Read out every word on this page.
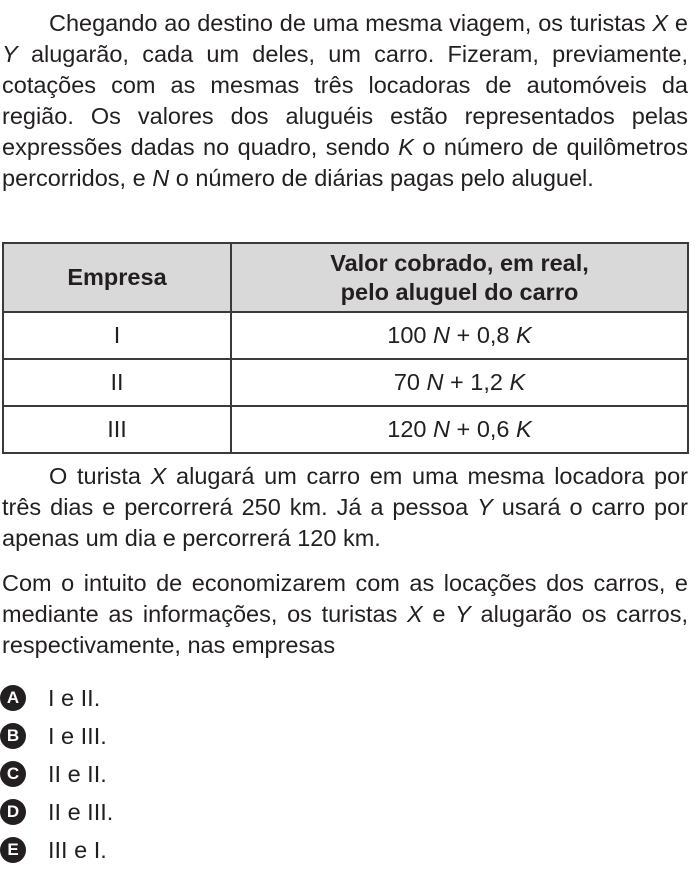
Chegando ao destino de uma mesma viagem, os turistas X e Y alugarão, cada um deles, um carro. Fizeram, previamente, cotações com as mesmas três locadoras de automóveis da região. Os valores dos aluguéis estão representados pelas expressões dadas no quadro, sendo K o número de quilômetros percorridos, e N o número de diárias pagas pelo aluguel.

Empresa	Valor cobrado, em real,
pelo aluguel do carro
I	100 N + 0,8 K
II	70 N + 1,2 K
III	120 N + 0,6 K

O turista X alugará um carro em uma mesma locadora por três dias e percorrerá 250 km. Já a pessoa Y usará o carro por apenas um dia e percorrerá 120 km.

Com o intuito de economizarem com as locações dos carros, e mediante as informações, os turistas X e Y alugarão os carros, respectivamente, nas empresas

A I e II.
B I e III.
C II e II.
D II e III.
E	III e I.
